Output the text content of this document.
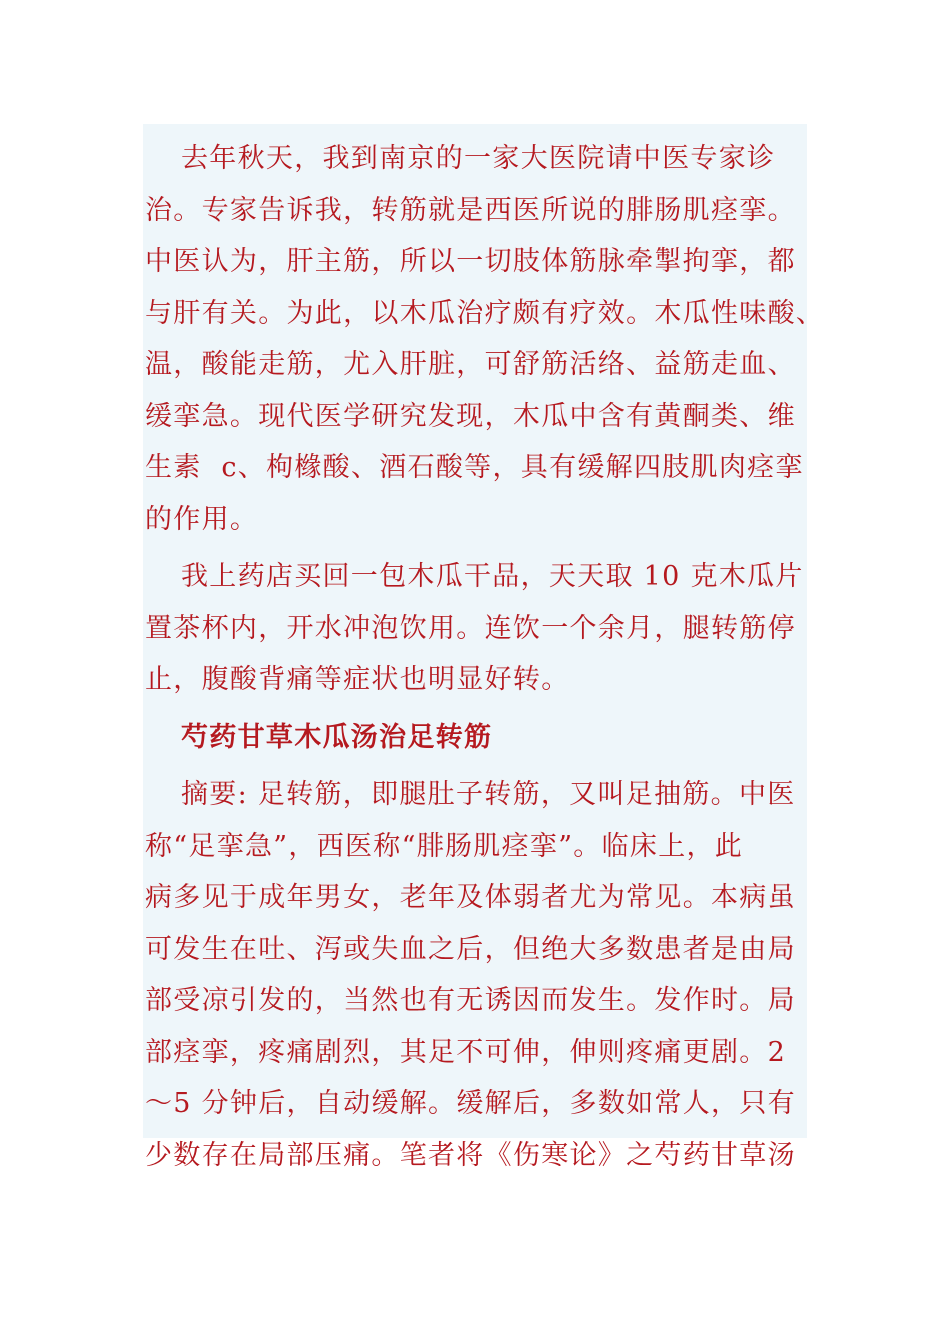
去年秋天，我到南京的一家大医院请中医专家诊
治。专家告诉我，转筋就是西医所说的腓肠肌痉挛。
中医认为，肝主筋，所以一切肢体筋脉牵掣拘挛，都
与肝有关。为此，以木瓜治疗颇有疗效。木瓜性味酸、
温，酸能走筋，尤入肝脏，可舒筋活络、益筋走血、
缓挛急。现代医学研究发现，木瓜中含有黄酮类、维
生素  c、枸橼酸、酒石酸等，具有缓解四肢肌肉痉挛
的作用。
我上药店买回一包木瓜干品，天天取 10 克木瓜片
置茶杯内，开水冲泡饮用。连饮一个余月，腿转筋停
止，腹酸背痛等症状也明显好转。
芍药甘草木瓜汤治足转筋
摘要: 足转筋，即腿肚子转筋，又叫足抽筋。中医
称“足挛急”，西医称“腓肠肌痉挛”。临床上，此
病多见于成年男女，老年及体弱者尤为常见。本病虽
可发生在吐、泻或失血之后，但绝大多数患者是由局
部受凉引发的，当然也有无诱因而发生。发作时。局
部痉挛，疼痛剧烈，其足不可伸，伸则疼痛更剧。2
～5 分钟后，自动缓解。缓解后，多数如常人，只有
少数存在局部压痛。笔者将《伤寒论》之芍药甘草汤
